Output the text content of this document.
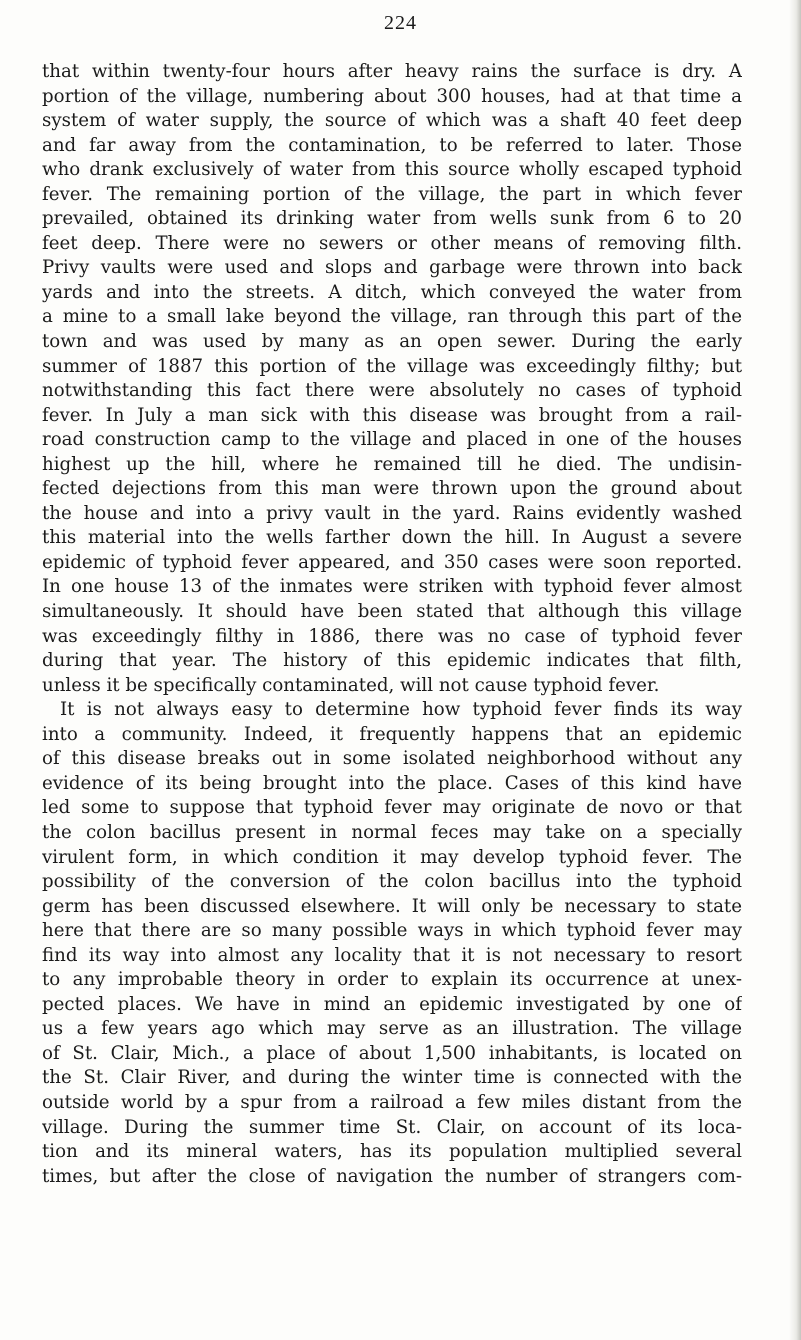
224
that within twenty-four hours after heavy rains the surface is dry. A
portion of the village, numbering about 300 houses, had at that time a
system of water supply, the source of which was a shaft 40 feet deep
and far away from the contamination, to be referred to later. Those
who drank exclusively of water from this source wholly escaped typhoid
fever. The remaining portion of the village, the part in which fever
prevailed, obtained its drinking water from wells sunk from 6 to 20
feet deep. There were no sewers or other means of removing filth.
Privy vaults were used and slops and garbage were thrown into back
yards and into the streets. A ditch, which conveyed the water from
a mine to a small lake beyond the village, ran through this part of the
town and was used by many as an open sewer. During the early
summer of 1887 this portion of the village was exceedingly filthy; but
notwithstanding this fact there were absolutely no cases of typhoid
fever. In July a man sick with this disease was brought from a rail-
road construction camp to the village and placed in one of the houses
highest up the hill, where he remained till he died. The undisin-
fected dejections from this man were thrown upon the ground about
the house and into a privy vault in the yard. Rains evidently washed
this material into the wells farther down the hill. In August a severe
epidemic of typhoid fever appeared, and 350 cases were soon reported.
In one house 13 of the inmates were striken with typhoid fever almost
simultaneously. It should have been stated that although this village
was exceedingly filthy in 1886, there was no case of typhoid fever
during that year. The history of this epidemic indicates that filth,
unless it be specifically contaminated, will not cause typhoid fever.
It is not always easy to determine how typhoid fever finds its way
into a community. Indeed, it frequently happens that an epidemic
of this disease breaks out in some isolated neighborhood without any
evidence of its being brought into the place. Cases of this kind have
led some to suppose that typhoid fever may originate de novo or that
the colon bacillus present in normal feces may take on a specially
virulent form, in which condition it may develop typhoid fever. The
possibility of the conversion of the colon bacillus into the typhoid
germ has been discussed elsewhere. It will only be necessary to state
here that there are so many possible ways in which typhoid fever may
find its way into almost any locality that it is not necessary to resort
to any improbable theory in order to explain its occurrence at unex-
pected places. We have in mind an epidemic investigated by one of
us a few years ago which may serve as an illustration. The village
of St. Clair, Mich., a place of about 1,500 inhabitants, is located on
the St. Clair River, and during the winter time is connected with the
outside world by a spur from a railroad a few miles distant from the
village. During the summer time St. Clair, on account of its loca-
tion and its mineral waters, has its population multiplied several
times, but after the close of navigation the number of strangers com-
